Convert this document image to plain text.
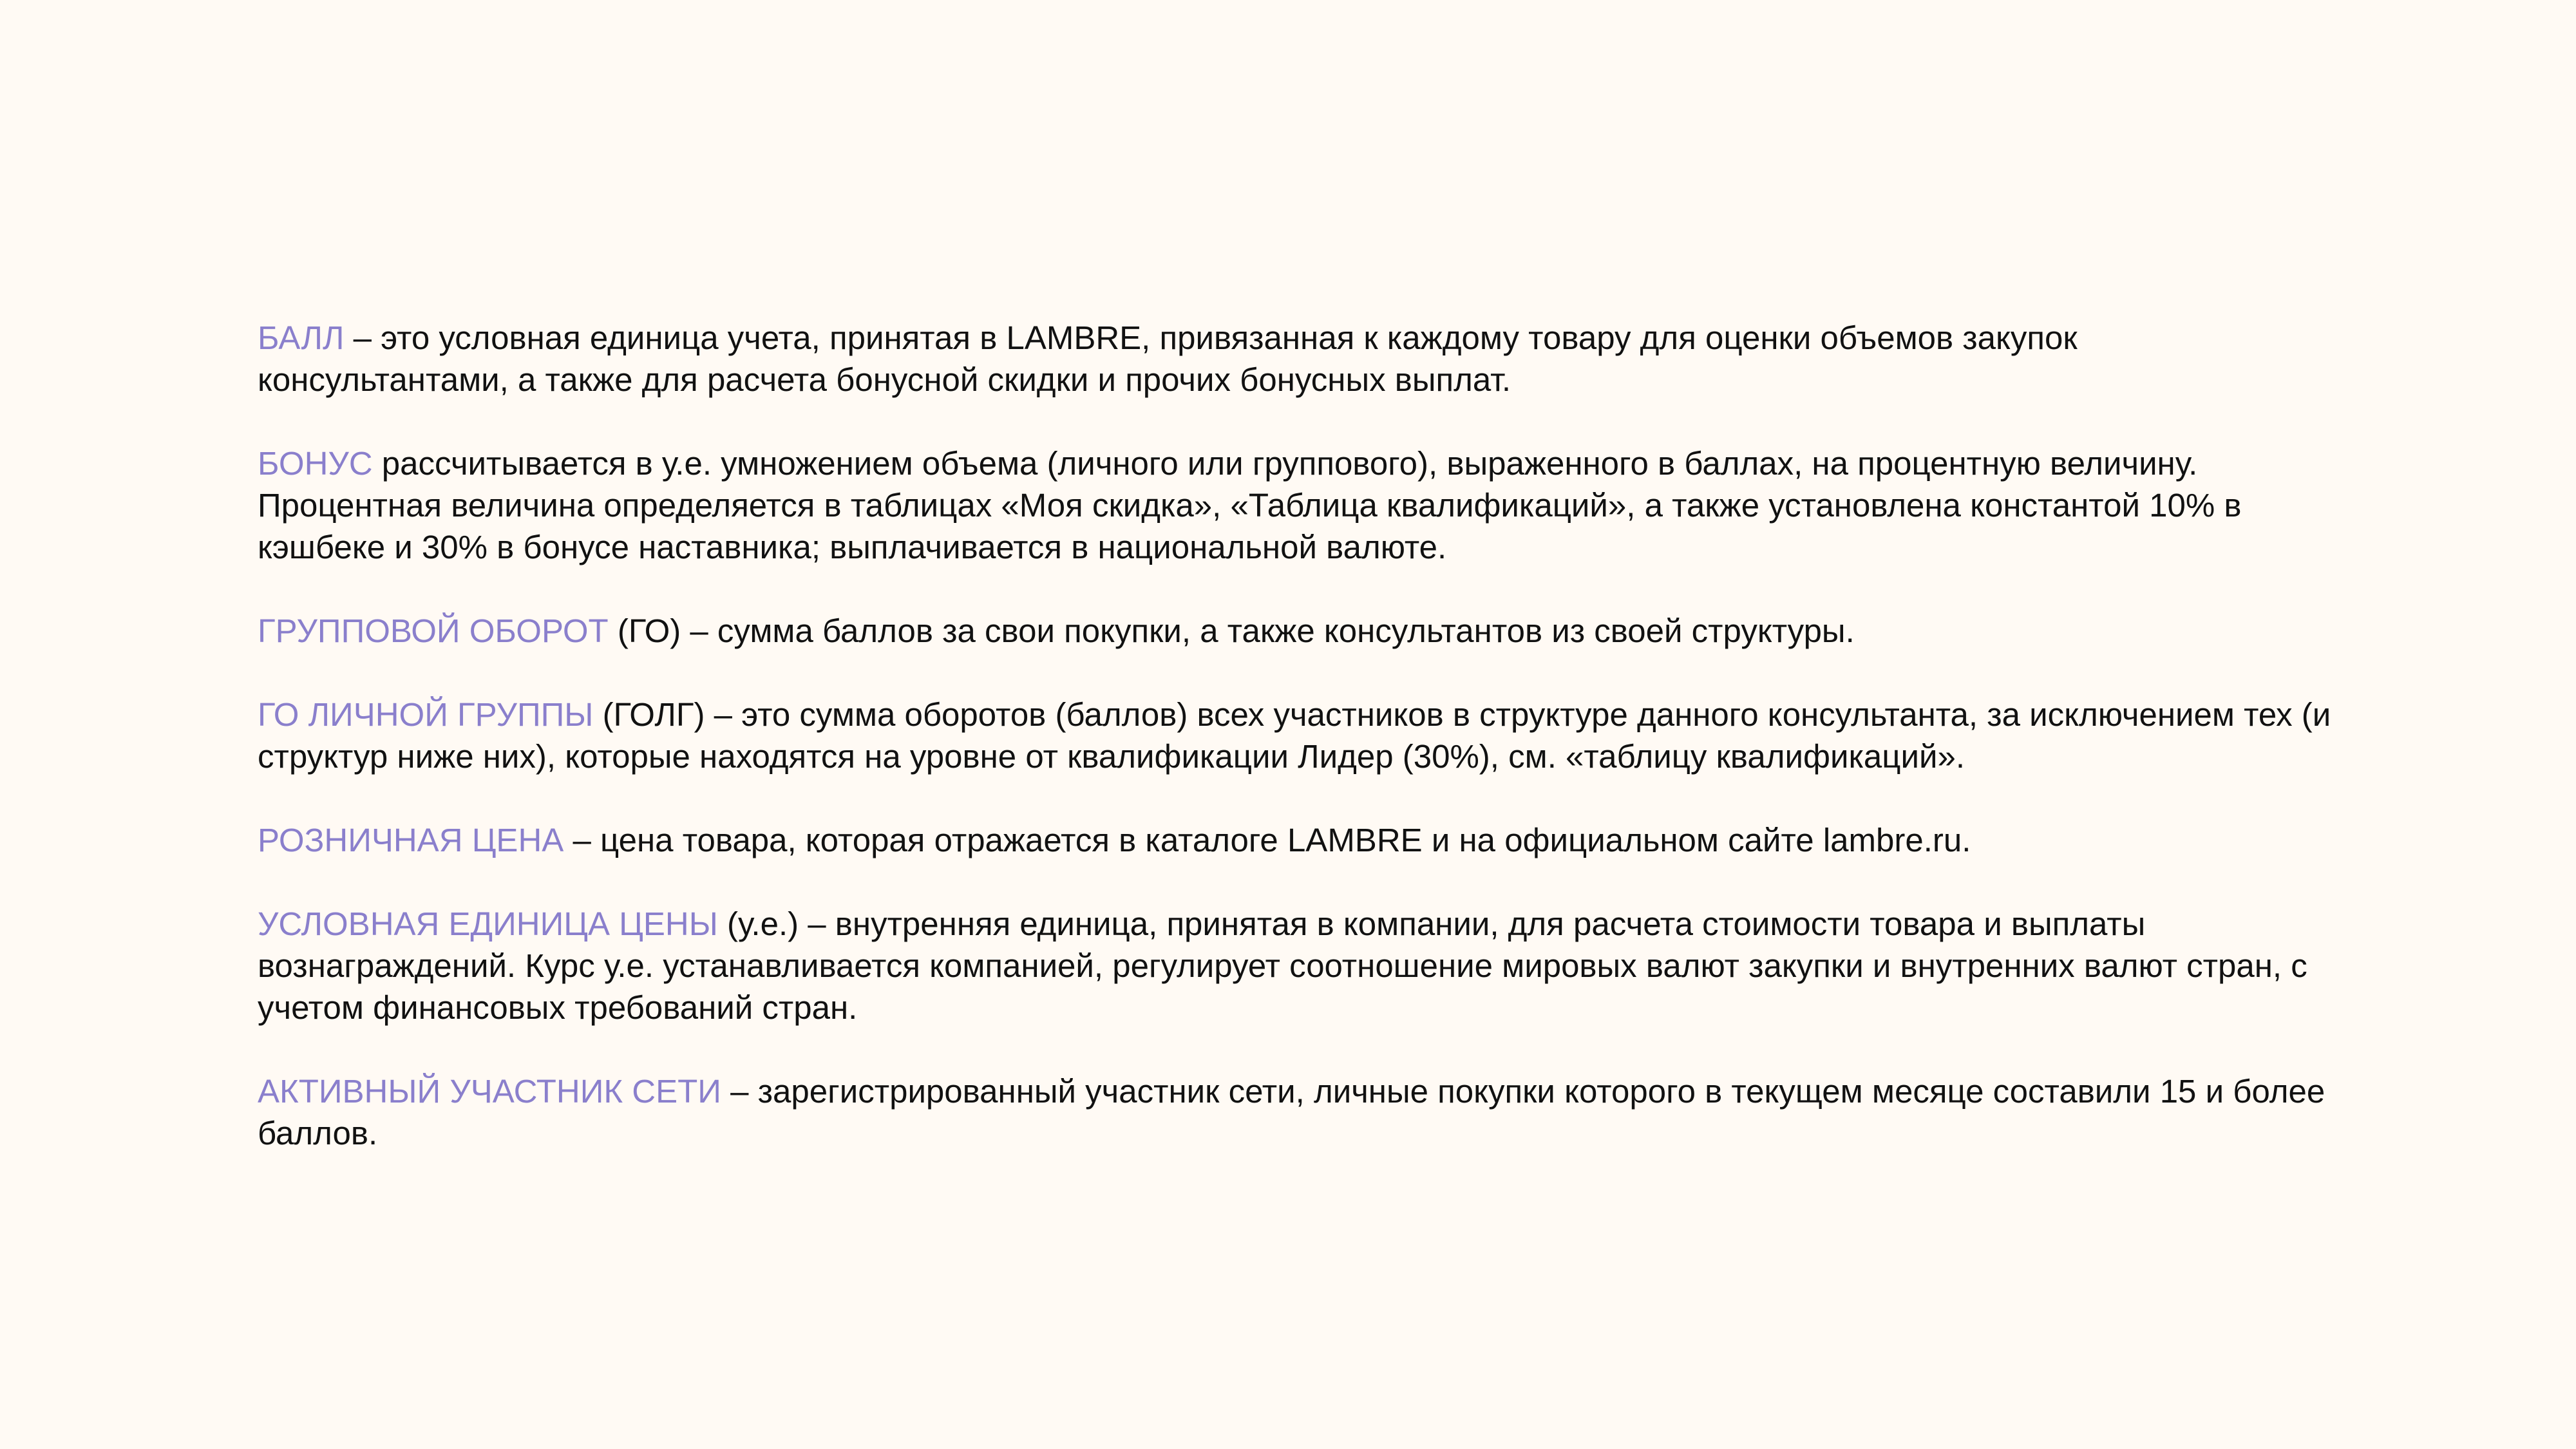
БАЛЛ – это условная единица учета, принятая в LAMBRE, привязанная к каждому товару для оценки объемов закупок консультантами, а также для расчета бонусной скидки и прочих бонусных выплат.

БОНУС рассчитывается в у.е. умножением объема (личного или группового), выраженного в баллах, на процентную величину. Процентная величина определяется в таблицах «Моя скидка», «Таблица квалификаций», а также установлена константой 10% в кэшбеке и 30% в бонусе наставника; выплачивается в национальной валюте.

ГРУППОВОЙ ОБОРОТ (ГО) – сумма баллов за свои покупки, а также консультантов из своей структуры.

ГО ЛИЧНОЙ ГРУППЫ (ГОЛГ) – это сумма оборотов (баллов) всех участников в структуре данного консультанта, за исключением тех (и структур ниже них), которые находятся на уровне от квалификации Лидер (30%), см. «таблицу квалификаций».

РОЗНИЧНАЯ ЦЕНА – цена товара, которая отражается в каталоге LAMBRE и на официальном сайте lambre.ru.

УСЛОВНАЯ ЕДИНИЦА ЦЕНЫ (у.е.) – внутренняя единица, принятая в компании, для расчета стоимости товара и выплаты вознаграждений. Курс у.е. устанавливается компанией, регулирует соотношение мировых валют закупки и внутренних валют стран, с учетом финансовых требований стран.

АКТИВНЫЙ УЧАСТНИК СЕТИ – зарегистрированный участник сети, личные покупки которого в текущем месяце составили 15 и более баллов.
